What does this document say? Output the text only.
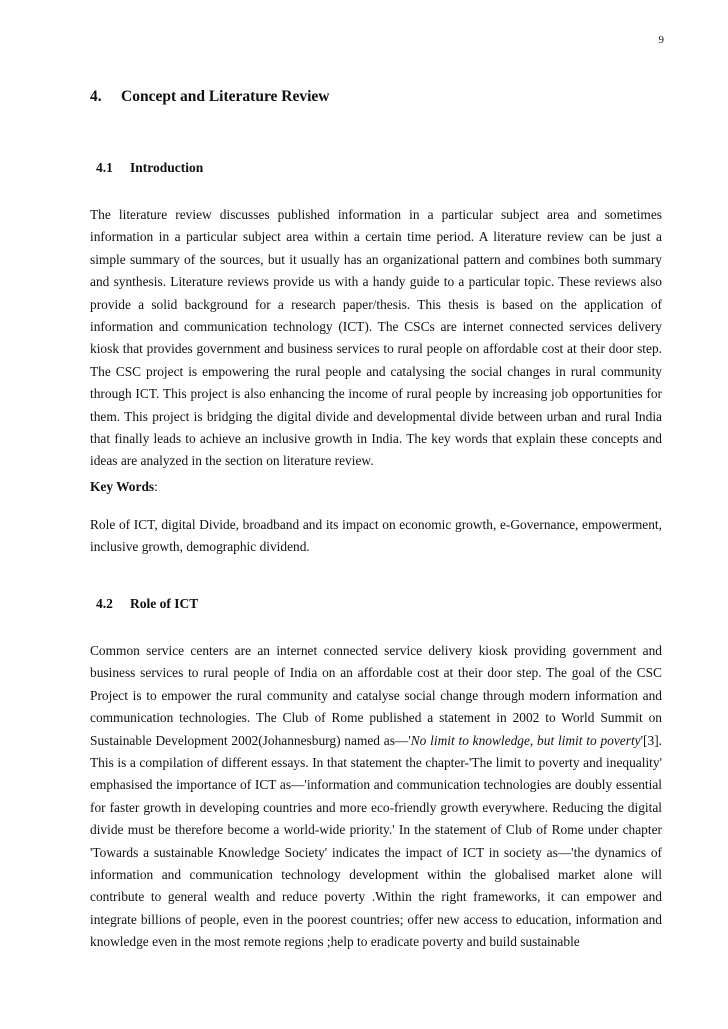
9
4. Concept and Literature Review
4.1 Introduction

The literature review discusses published information in a particular subject area and sometimes information in a particular subject area within a certain time period. A literature review can be just a simple summary of the sources, but it usually has an organizational pattern and combines both summary and synthesis. Literature reviews provide us with a handy guide to a particular topic. These reviews also provide a solid background for a research paper/thesis. This thesis is based on the application of information and communication technology (ICT). The CSCs are internet connected services delivery kiosk that provides government and business services to rural people on affordable cost at their door step. The CSC project is empowering the rural people and catalysing the social changes in rural community through ICT. This project is also enhancing the income of rural people by increasing job opportunities for them. This project is bridging the digital divide and developmental divide between urban and rural India that finally leads to achieve an inclusive growth in India. The key words that explain these concepts and ideas are analyzed in the section on literature review.

Key Words:

Role of ICT, digital Divide, broadband and its impact on economic growth, e-Governance, empowerment, inclusive growth, demographic dividend.

4.2 Role of ICT

Common service centers are an internet connected service delivery kiosk providing government and business services to rural people of India on an affordable cost at their door step. The goal of the CSC Project is to empower the rural community and catalyse social change through modern information and communication technologies. The Club of Rome published a statement in 2002 to World Summit on Sustainable Development 2002(Johannesburg) named as—'No limit to knowledge, but limit to poverty'[3]. This is a compilation of different essays. In that statement the chapter-'The limit to poverty and inequality' emphasised the importance of ICT as—'information and communication technologies are doubly essential for faster growth in developing countries and more eco-friendly growth everywhere. Reducing the digital divide must be therefore become a world-wide priority.' In the statement of Club of Rome under chapter 'Towards a sustainable Knowledge Society' indicates the impact of ICT in society as—'the dynamics of information and communication technology development within the globalised market alone will contribute to general wealth and reduce poverty .Within the right frameworks, it can empower and integrate billions of people, even in the poorest countries; offer new access to education, information and knowledge even in the most remote regions ;help to eradicate poverty and build sustainable
